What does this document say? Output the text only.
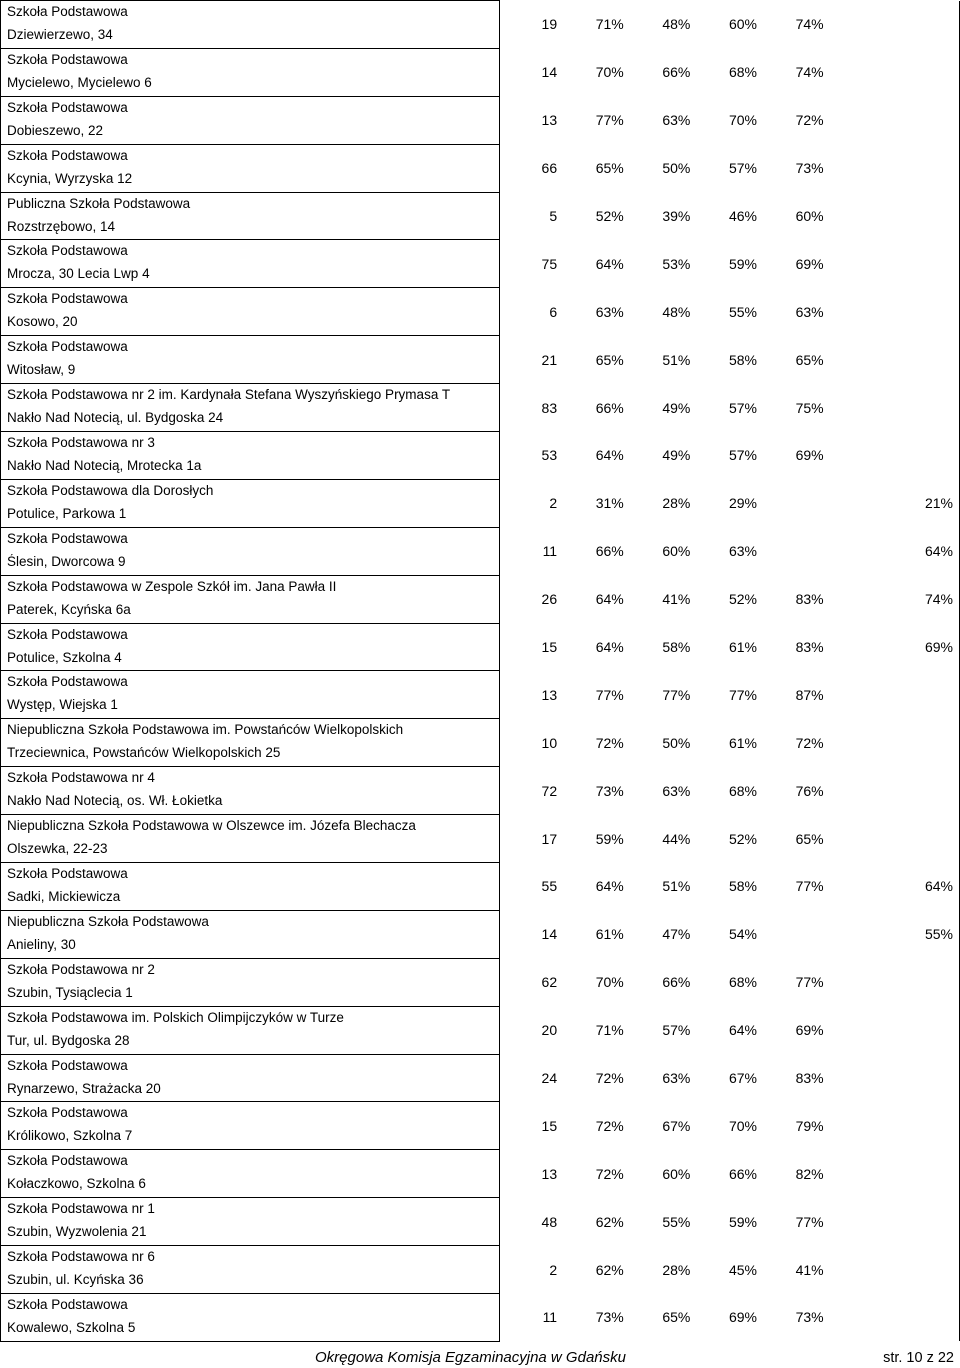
Szkoła Podstawowa
Dziewierzewo, 34	19	71%	48%	60%	74%	

Szkoła Podstawowa
Mycielewo, Mycielewo 6	14	70%	66%	68%	74%	

Szkoła Podstawowa
Dobieszewo, 22	13	77%	63%	70%	72%	

Szkoła Podstawowa
Kcynia, Wyrzyska 12	66	65%	50%	57%	73%	

Publiczna Szkoła Podstawowa
Rozstrzębowo, 14	5	52%	39%	46%	60%	

Szkoła Podstawowa
Mrocza, 30 Lecia Lwp 4	75	64%	53%	59%	69%	

Szkoła Podstawowa
Kosowo, 20	6	63%	48%	55%	63%	

Szkoła Podstawowa
Witosław, 9	21	65%	51%	58%	65%	

Szkoła Podstawowa nr 2 im. Kardynała Stefana Wyszyńskiego Prymasa T
Nakło Nad Notecią, ul. Bydgoska 24	83	66%	49%	57%	75%	

Szkoła Podstawowa nr 3
Nakło Nad Notecią, Mrotecka 1a	53	64%	49%	57%	69%	

Szkoła Podstawowa dla Dorosłych
Potulice, Parkowa 1	2	31%	28%	29%		21%

Szkoła Podstawowa
Ślesin, Dworcowa 9	11	66%	60%	63%		64%

Szkoła Podstawowa w Zespole Szkół im. Jana Pawła II
Paterek, Kcyńska 6a	26	64%	41%	52%	83%	74%

Szkoła Podstawowa
Potulice, Szkolna 4	15	64%	58%	61%	83%	69%

Szkoła Podstawowa
Występ, Wiejska 1	13	77%	77%	77%	87%	

Niepubliczna Szkoła Podstawowa im. Powstańców Wielkopolskich
Trzeciewnica, Powstańców Wielkopolskich 25	10	72%	50%	61%	72%	

Szkoła Podstawowa nr 4
Nakło Nad Notecią, os. Wł. Łokietka	72	73%	63%	68%	76%	

Niepubliczna Szkoła Podstawowa w Olszewce im. Józefa Blechacza
Olszewka, 22-23	17	59%	44%	52%	65%	

Szkoła Podstawowa
Sadki, Mickiewicza	55	64%	51%	58%	77%	64%

Niepubliczna Szkoła Podstawowa
Anieliny, 30	14	61%	47%	54%		55%

Szkoła Podstawowa nr 2
Szubin, Tysiąclecia 1	62	70%	66%	68%	77%	

Szkoła Podstawowa im. Polskich Olimpijczyków w Turze
Tur, ul. Bydgoska 28	20	71%	57%	64%	69%	

Szkoła Podstawowa
Rynarzewo, Strażacka 20	24	72%	63%	67%	83%	

Szkoła Podstawowa
Królikowo, Szkolna 7	15	72%	67%	70%	79%	

Szkoła Podstawowa
Kołaczkowo, Szkolna 6	13	72%	60%	66%	82%	

Szkoła Podstawowa nr 1
Szubin, Wyzwolenia 21	48	62%	55%	59%	77%	

Szkoła Podstawowa nr 6
Szubin, ul. Kcyńska 36	2	62%	28%	45%	41%	

Szkoła Podstawowa
Kowalewo, Szkolna 5	11	73%	65%	69%	73%	
Okręgowa Komisja Egzaminacyjna w Gdańsku	str. 10 z 22
